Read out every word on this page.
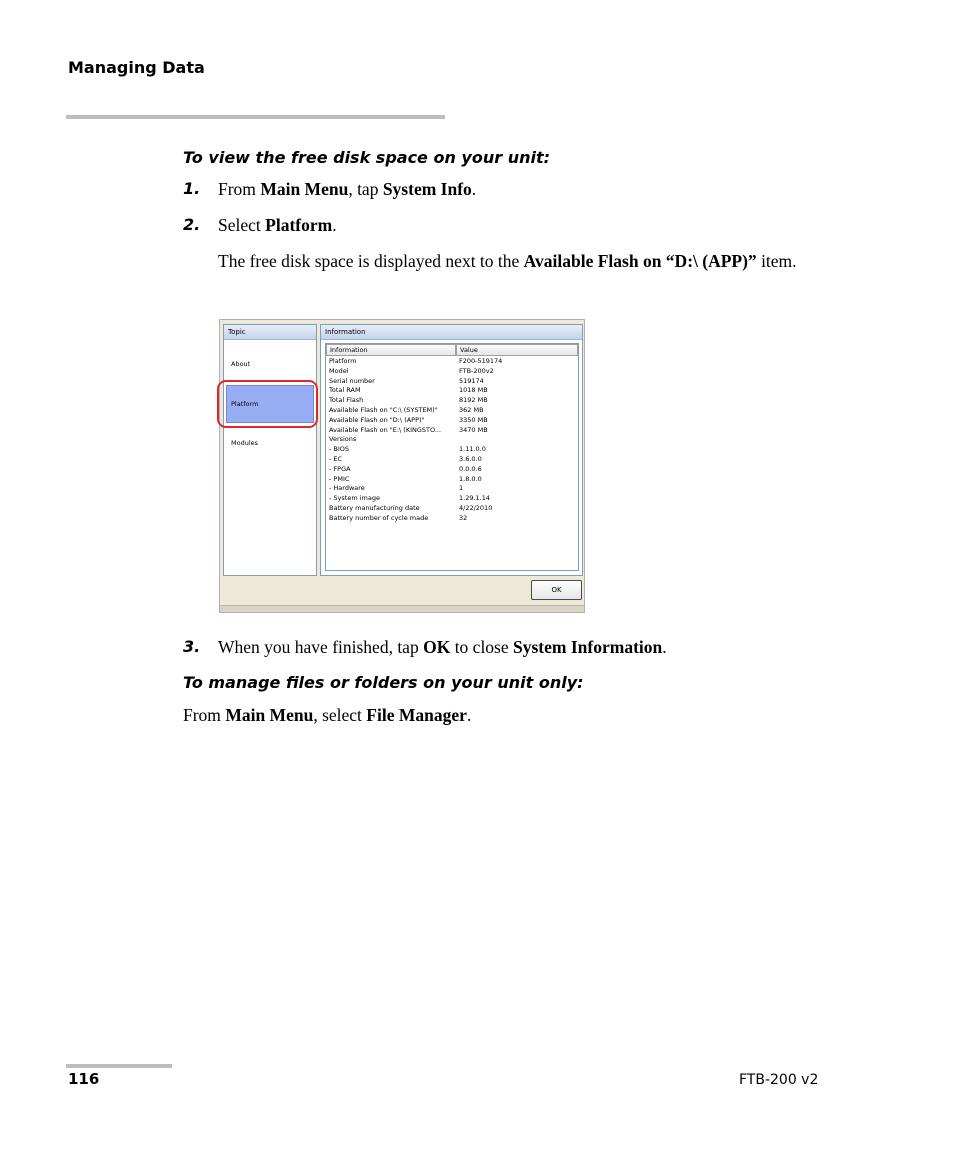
Managing Data
To view the free disk space on your unit:
1. From Main Menu, tap System Info.
2. Select Platform.
The free disk space is displayed next to the Available Flash on “D:\ (APP)” item.
Topic
About
Platform
Modules
Information
Information	Value
Platform	F200-519174
Model	FTB-200v2
Serial number	519174
Total RAM	1018 MB
Total Flash	8192 MB
Available Flash on "C:\ (SYSTEM)"	362 MB
Available Flash on "D:\ (APP)"	3350 MB
Available Flash on "E:\ (KINGSTO...	3470 MB
Versions
- BIOS	1.11.0.0
- EC	3.6.0.0
- FPGA	0.0.0.6
- PMIC	1.8.0.0
- Hardware	1
- System image	1.29.1.14
Battery manufacturing date	4/22/2010
Battery number of cycle made	32
OK
3. When you have finished, tap OK to close System Information.
To manage files or folders on your unit only:
From Main Menu, select File Manager.
116	FTB-200 v2
